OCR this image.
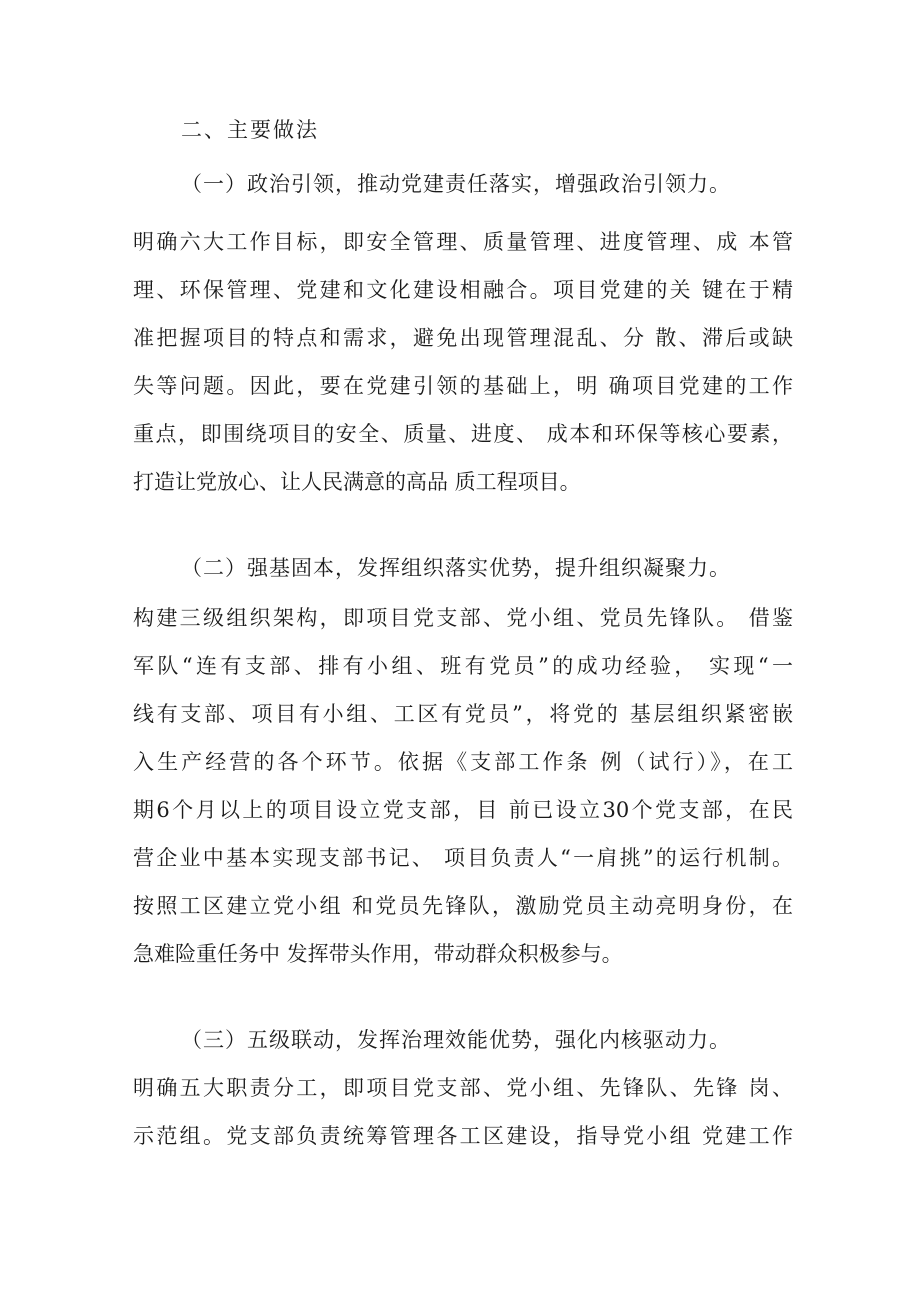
二、主要做法
（一）政治引领，推动党建责任落实，增强政治引领力。
明确六大工作目标，即安全管理、质量管理、进度管理、成 本管
理、环保管理、党建和文化建设相融合。项目党建的关 键在于精
准把握项目的特点和需求，避免出现管理混乱、分 散、滞后或缺
失等问题。因此，要在党建引领的基础上，明 确项目党建的工作
重点，即围绕项目的安全、质量、进度、 成本和环保等核心要素，
打造让党放心、让人民满意的高品 质工程项目。
（二）强基固本，发挥组织落实优势，提升组织凝聚力。
构建三级组织架构，即项目党支部、党小组、党员先锋队。 借鉴
军队“连有支部、排有小组、班有党员”的成功经验， 实现“一
线有支部、项目有小组、工区有党员”，将党的 基层组织紧密嵌
入生产经营的各个环节。依据《支部工作条 例（试行）》，在工
期6个月以上的项目设立党支部，目 前已设立30个党支部，在民
营企业中基本实现支部书记、 项目负责人“一肩挑”的运行机制。
按照工区建立党小组 和党员先锋队，激励党员主动亮明身份，在
急难险重任务中 发挥带头作用，带动群众积极参与。
（三）五级联动，发挥治理效能优势，强化内核驱动力。
明确五大职责分工，即项目党支部、党小组、先锋队、先锋 岗、
示范组。党支部负责统筹管理各工区建设，指导党小组 党建工作
